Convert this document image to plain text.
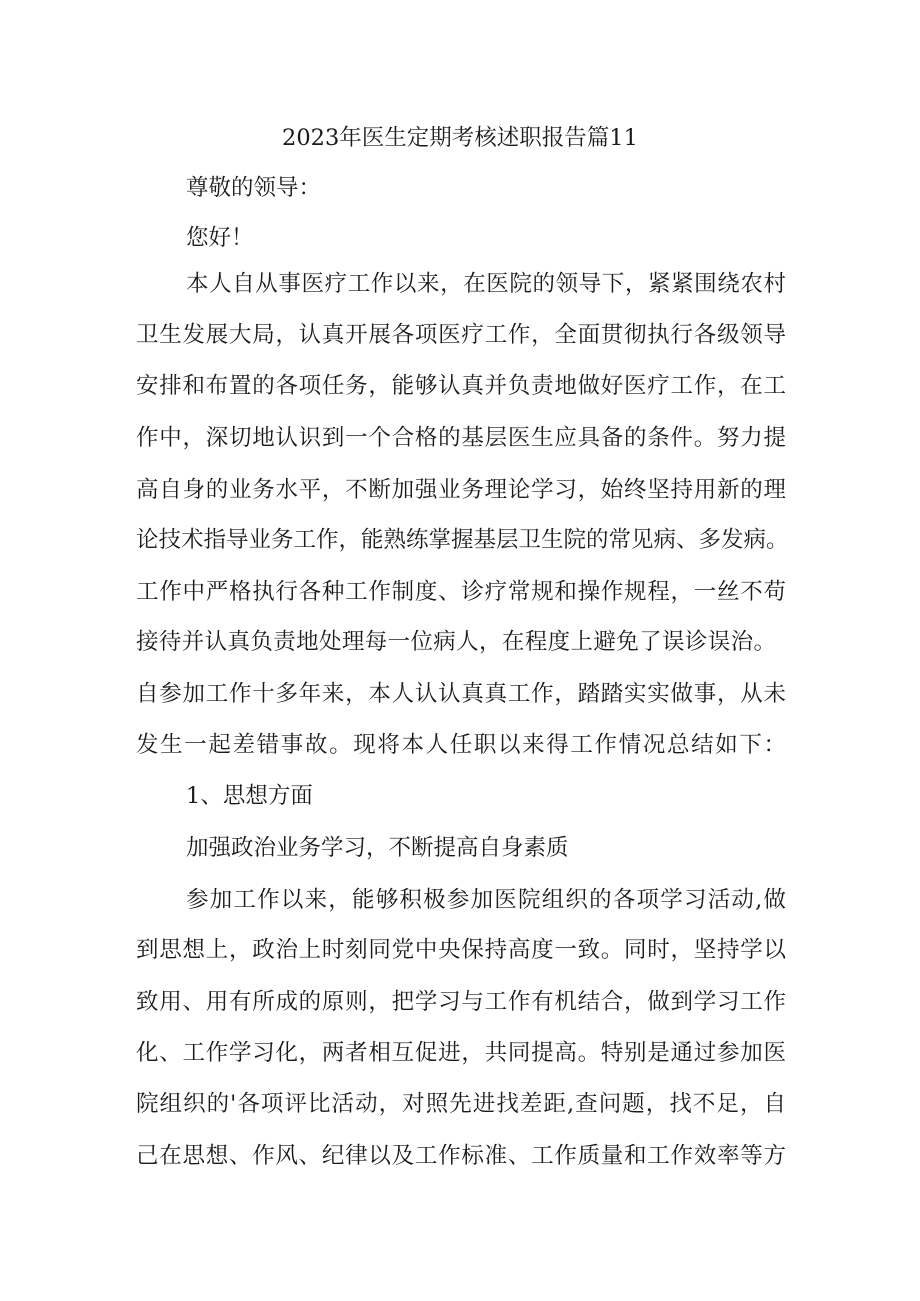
2023年医生定期考核述职报告篇11
尊敬的领导：
您好！
本人自从事医疗工作以来，在医院的领导下，紧紧围绕农村
卫生发展大局，认真开展各项医疗工作，全面贯彻执行各级领导
安排和布置的各项任务，能够认真并负责地做好医疗工作，在工
作中，深切地认识到一个合格的基层医生应具备的条件。努力提
高自身的业务水平，不断加强业务理论学习，始终坚持用新的理
论技术指导业务工作，能熟练掌握基层卫生院的常见病、多发病。
工作中严格执行各种工作制度、诊疗常规和操作规程，一丝不苟
接待并认真负责地处理每一位病人，在程度上避免了误诊误治。
自参加工作十多年来，本人认认真真工作，踏踏实实做事，从未
发生一起差错事故。现将本人任职以来得工作情况总结如下：
1、思想方面
加强政治业务学习，不断提高自身素质
参加工作以来，能够积极参加医院组织的各项学习活动,做
到思想上，政治上时刻同党中央保持高度一致。同时，坚持学以
致用、用有所成的原则，把学习与工作有机结合，做到学习工作
化、工作学习化，两者相互促进，共同提高。特别是通过参加医
院组织的'各项评比活动，对照先进找差距,查问题，找不足，自
己在思想、作风、纪律以及工作标准、工作质量和工作效率等方
